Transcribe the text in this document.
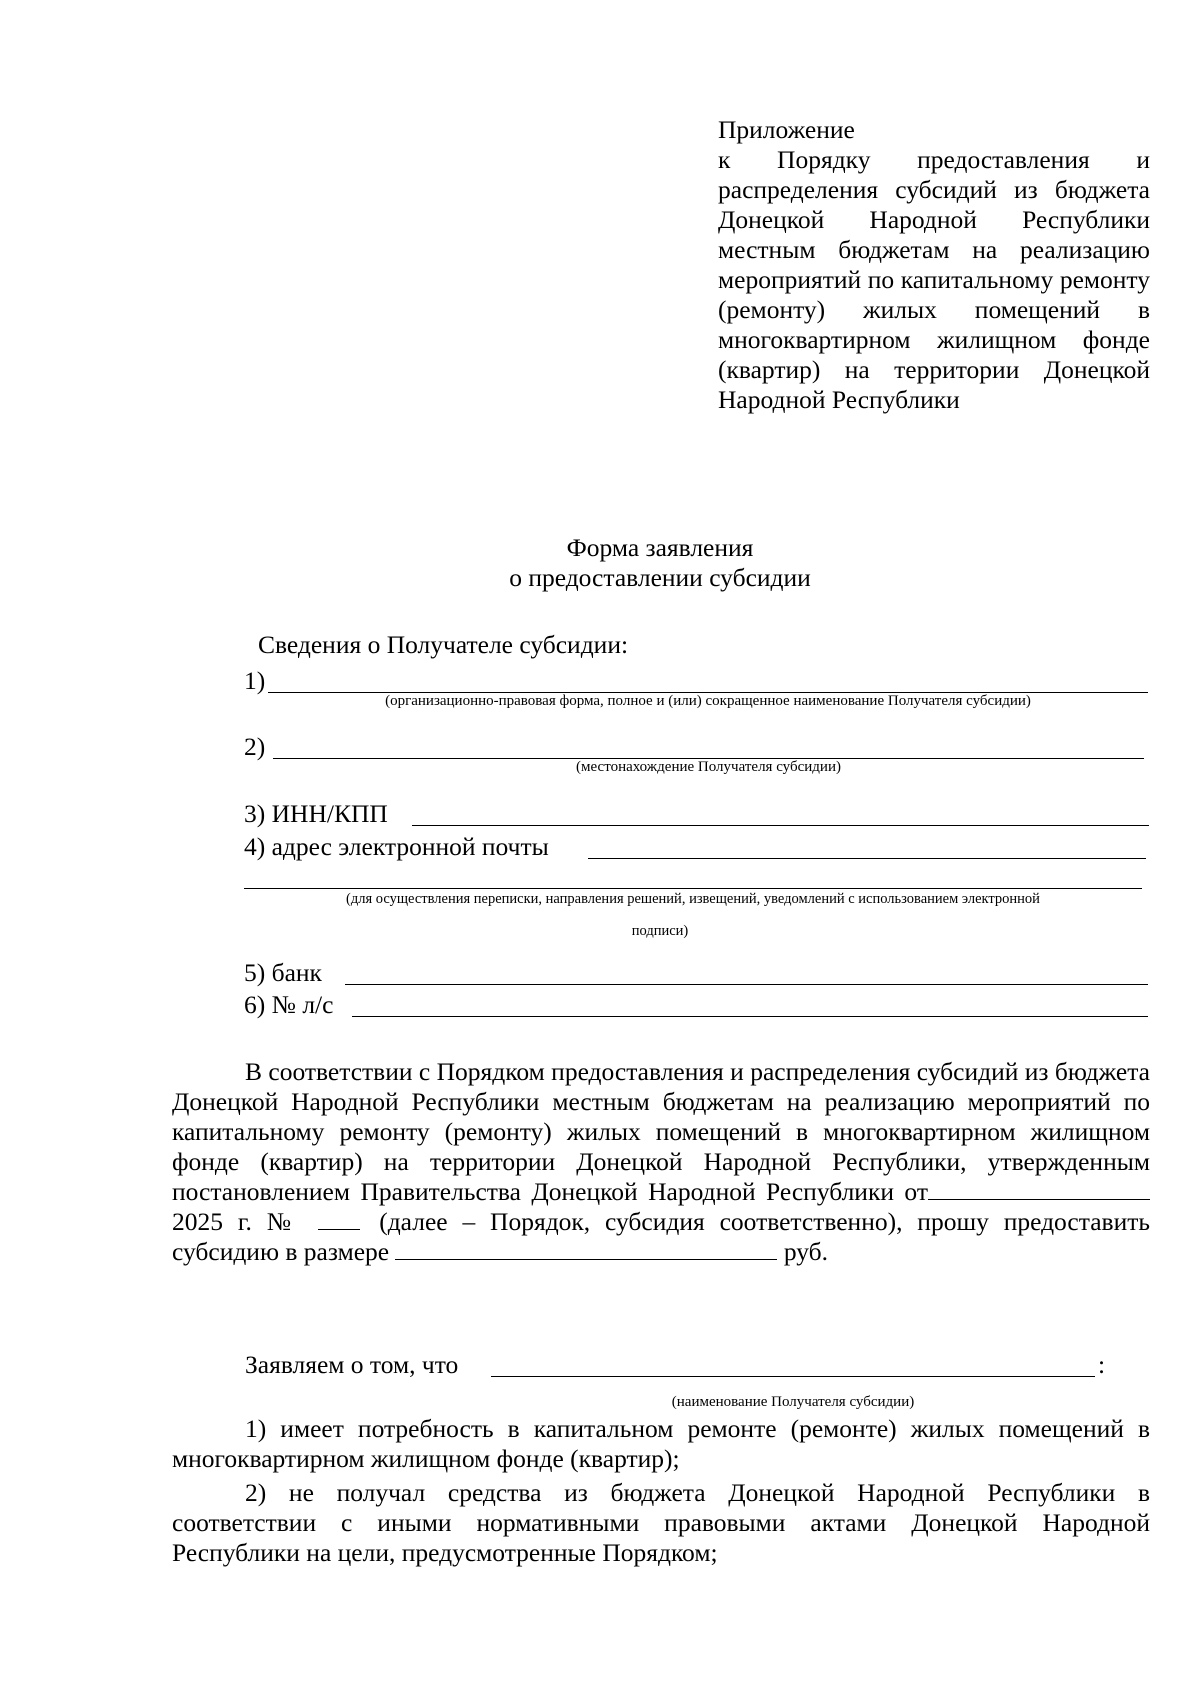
Приложение
к Порядку предоставления и распределения субсидий из бюджета Донецкой Народной Республики местным бюджетам на реализацию мероприятий по капитальному ремонту (ремонту) жилых помещений в многоквартирном жилищном фонде (квартир) на территории Донецкой Народной Республики
Форма заявления
о предоставлении субсидии
Сведения о Получателе субсидии:
1)
(организационно-правовая форма, полное и (или) сокращенное наименование Получателя субсидии)
2)
(местонахождение Получателя субсидии)
3) ИНН/КПП
4) адрес электронной почты
(для осуществления переписки, направления решений, извещений, уведомлений с использованием электронной
подписи)
5) банк
6) № л/с
В соответствии с Порядком предоставления и распределения субсидий из бюджета Донецкой Народной Республики местным бюджетам на реализацию мероприятий по капитальному ремонту (ремонту) жилых помещений в многоквартирном жилищном фонде (квартир) на территории Донецкой Народной Республики, утвержденным постановлением Правительства Донецкой Народной Республики от 2025 г. №	(далее – Порядок, субсидия соответственно), прошу предоставить субсидию в размере	руб.
Заявляем о том, что	:
(наименование Получателя субсидии)
1) имеет потребность в капитальном ремонте (ремонте) жилых помещений в многоквартирном жилищном фонде (квартир);
2) не получал средства из бюджета Донецкой Народной Республики в соответствии с иными нормативными правовыми актами Донецкой Народной Республики на цели, предусмотренные Порядком;
